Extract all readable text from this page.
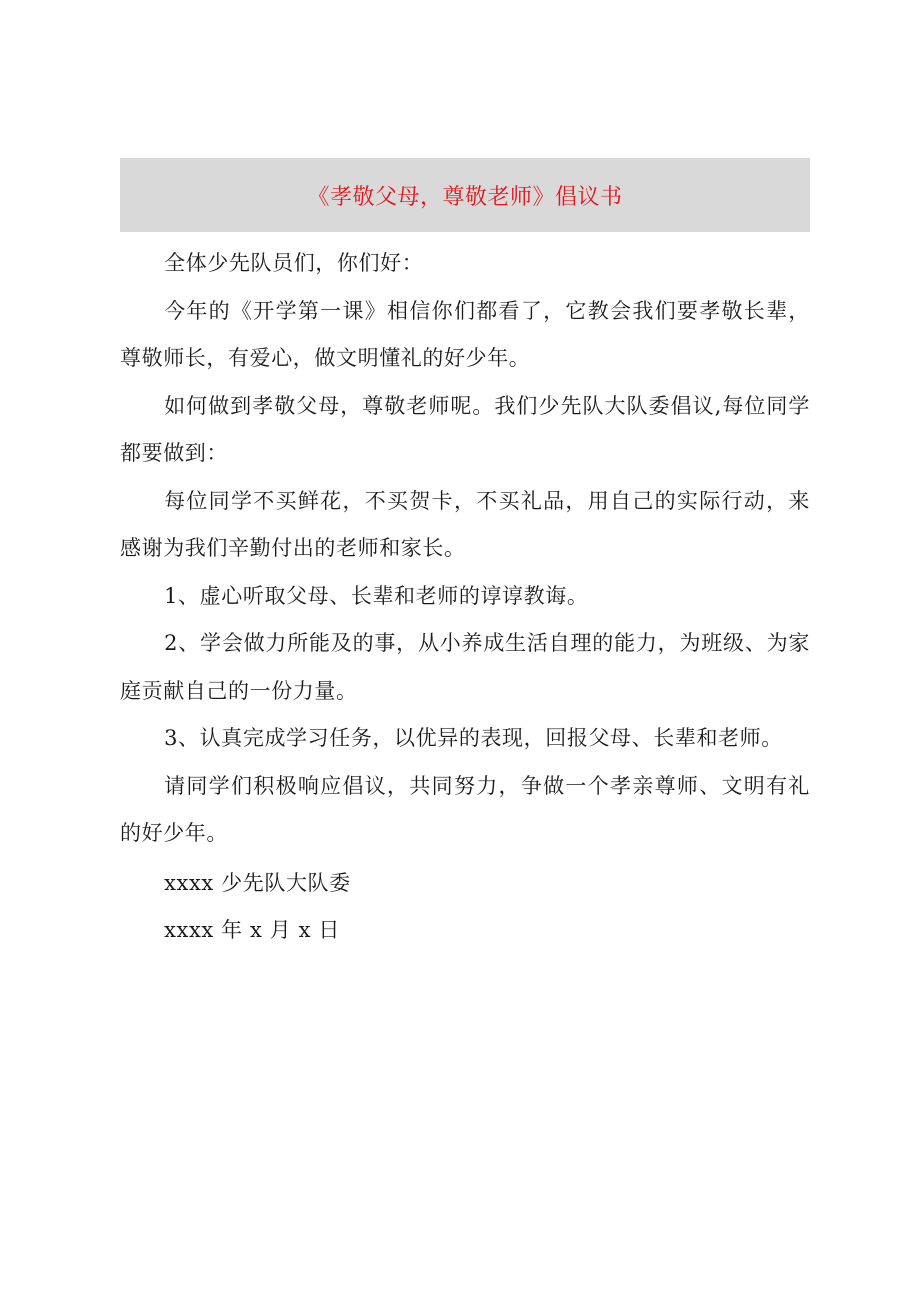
《孝敬父母，尊敬老师》倡议书

全体少先队员们，你们好：

今年的《开学第一课》相信你们都看了，它教会我们要孝敬长辈，尊敬师长，有爱心，做文明懂礼的好少年。

如何做到孝敬父母，尊敬老师呢。我们少先队大队委倡议,每位同学都要做到：

每位同学不买鲜花，不买贺卡，不买礼品，用自己的实际行动，来感谢为我们辛勤付出的老师和家长。

1、虚心听取父母、长辈和老师的谆谆教诲。

2、学会做力所能及的事，从小养成生活自理的能力，为班级、为家庭贡献自己的一份力量。

3、认真完成学习任务，以优异的表现，回报父母、长辈和老师。

请同学们积极响应倡议，共同努力，争做一个孝亲尊师、文明有礼的好少年。

xxxx 少先队大队委

xxxx 年 x 月 x 日
